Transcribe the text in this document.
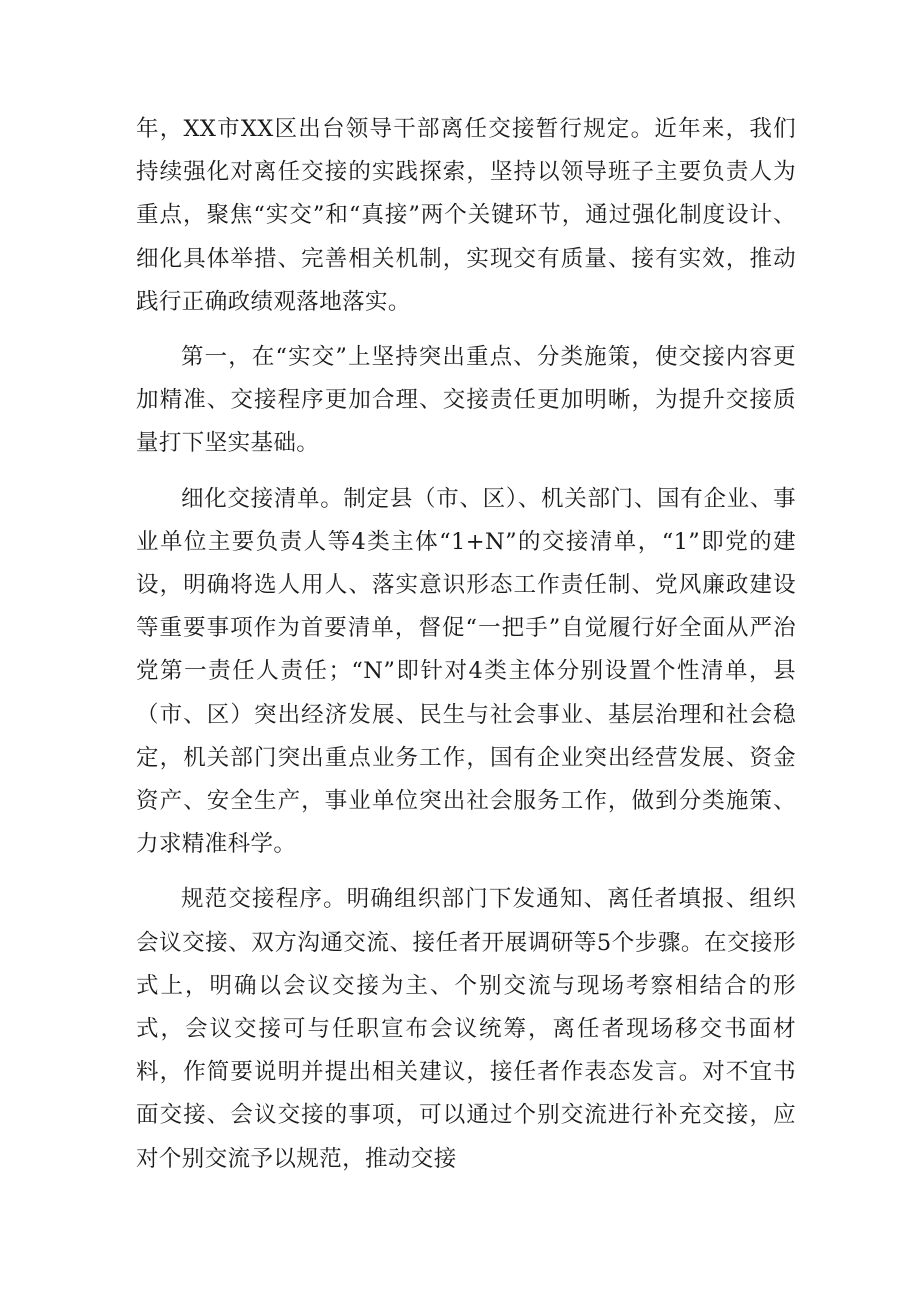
年，XX市XX区出台领导干部离任交接暂行规定。近年来，我们持续强化对离任交接的实践探索，坚持以领导班子主要负责人为重点，聚焦“实交”和“真接”两个关键环节，通过强化制度设计、细化具体举措、完善相关机制，实现交有质量、接有实效，推动践行正确政绩观落地落实。

第一，在“实交”上坚持突出重点、分类施策，使交接内容更加精准、交接程序更加合理、交接责任更加明晰，为提升交接质量打下坚实基础。

细化交接清单。制定县（市、区）、机关部门、国有企业、事业单位主要负责人等4类主体“1+N”的交接清单，“1”即党的建设，明确将选人用人、落实意识形态工作责任制、党风廉政建设等重要事项作为首要清单，督促“一把手”自觉履行好全面从严治党第一责任人责任；“N”即针对4类主体分别设置个性清单，县（市、区）突出经济发展、民生与社会事业、基层治理和社会稳定，机关部门突出重点业务工作，国有企业突出经营发展、资金资产、安全生产，事业单位突出社会服务工作，做到分类施策、力求精准科学。

规范交接程序。明确组织部门下发通知、离任者填报、组织会议交接、双方沟通交流、接任者开展调研等5个步骤。在交接形式上，明确以会议交接为主、个别交流与现场考察相结合的形式，会议交接可与任职宣布会议统筹，离任者现场移交书面材料，作简要说明并提出相关建议，接任者作表态发言。对不宜书面交接、会议交接的事项，可以通过个别交流进行补充交接，应对个别交流予以规范，推动交接
